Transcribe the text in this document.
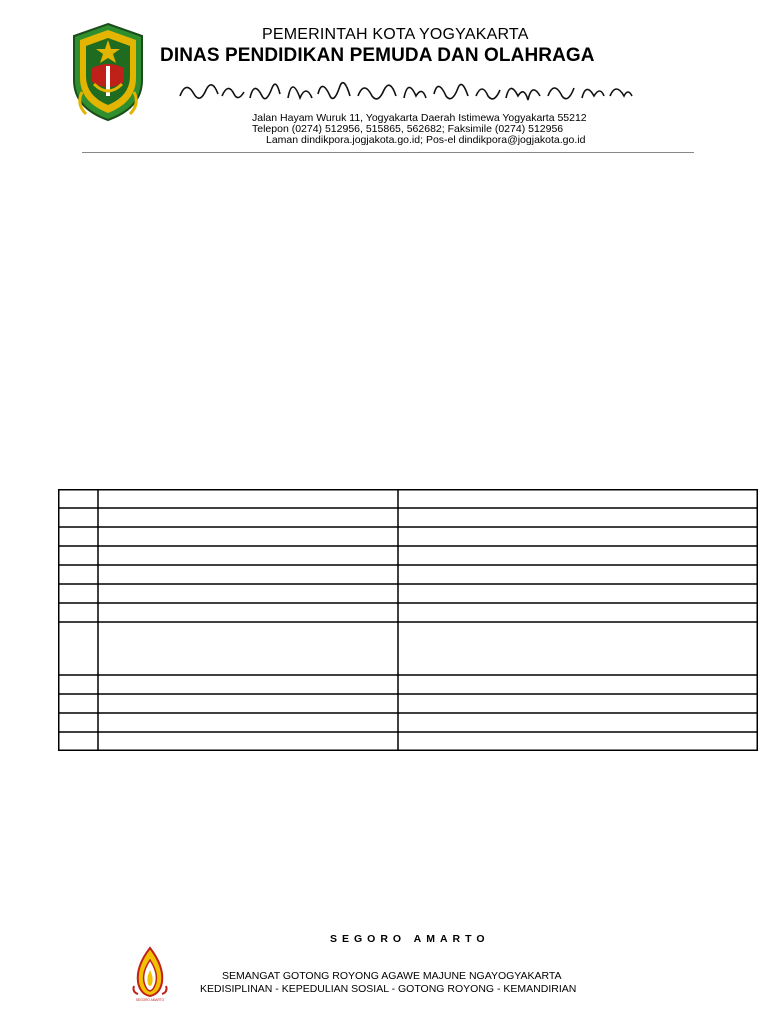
PEMERINTAH KOTA YOGYAKARTA
DINAS PENDIDIKAN PEMUDA DAN OLAHRAGA
Jalan Hayam Wuruk 11, Yogyakarta Daerah Istimewa Yogyakarta 55212
Telepon (0274) 512956, 515865, 562682; Faksimile (0274) 512956
Laman dindikpora.jogjakota.go.id; Pos-el dindikpora@jogjakota.go.id
SEGORO AMARTO
SEGORO AMARTO
SEMANGAT GOTONG ROYONG AGAWE MAJUNE NGAYOGYAKARTA
KEDISIPLINAN - KEPEDULIAN SOSIAL - GOTONG ROYONG - KEMANDIRIAN
